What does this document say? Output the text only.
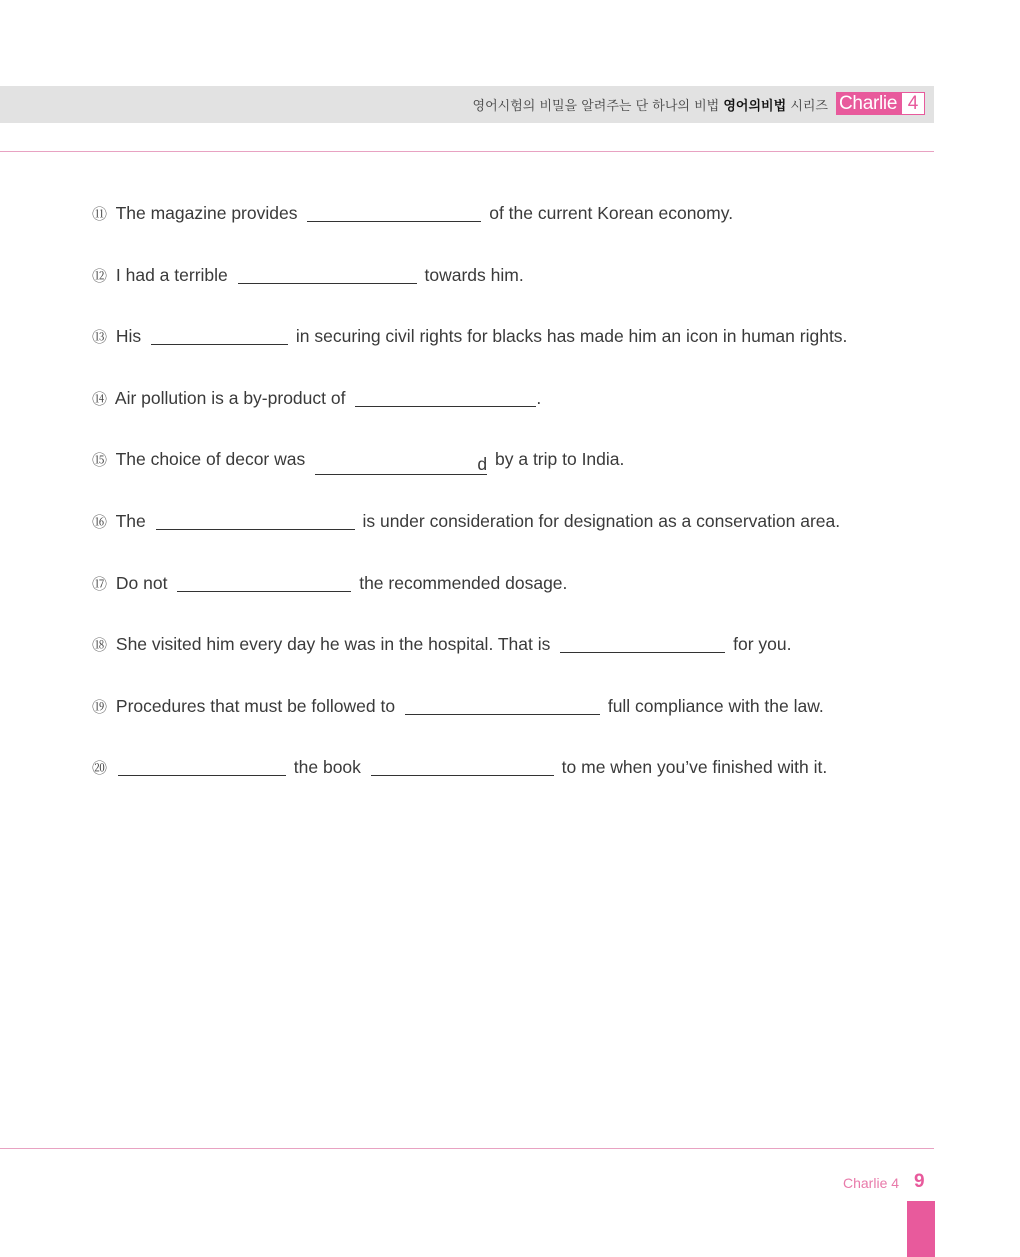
영어시험의 비밀을 알려주는 단 하나의 비법 영어의비법 시리즈 Charlie 4
⑪ The magazine provides	of the current Korean economy.
⑫ I had a terrible	towards him.
⑬ His	in securing civil rights for blacks has made him an icon in human rights.
⑭ Air pollution is a by-product of	.
⑮ The choice of decor was	d by a trip to India.
⑯ The	is under consideration for designation as a conservation area.
⑰ Do not	the recommended dosage.
⑱ She visited him every day he was in the hospital. That is	for you.
⑲ Procedures that must be followed to	full compliance with the law.
⑳	the book	to me when you’ve finished with it.
Charlie 4 9
